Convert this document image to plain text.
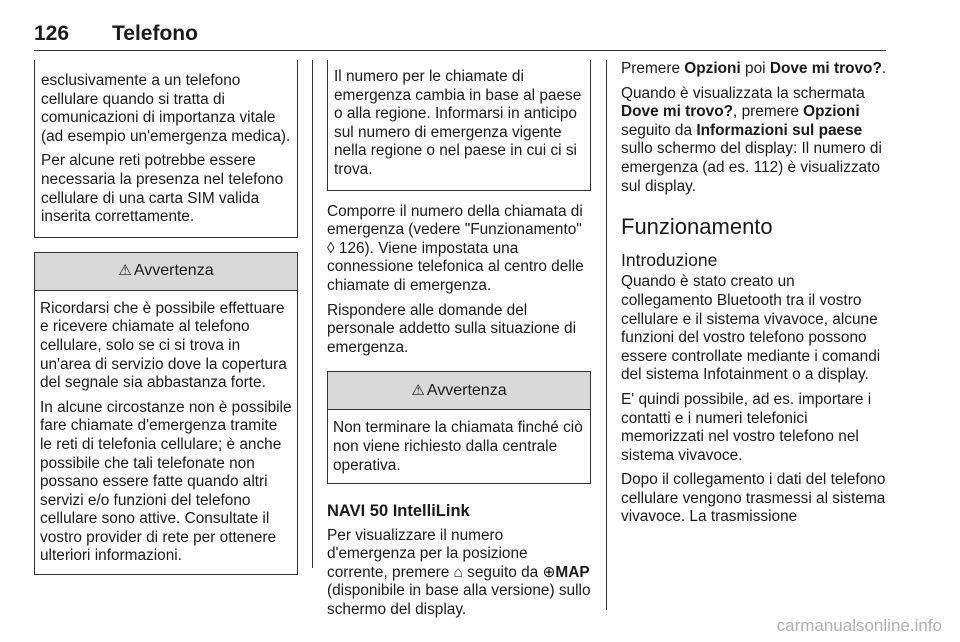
126 Telefono

esclusivamente a un telefono cellulare quando si tratta di comunicazioni di importanza vitale (ad esempio un'emergenza medica).

Per alcune reti potrebbe essere necessaria la presenza nel telefono cellulare di una carta SIM valida inserita correttamente.

⚠ Avvertenza

Ricordarsi che è possibile effettuare e ricevere chiamate al telefono cellulare, solo se ci si trova in un'area di servizio dove la copertura del segnale sia abbastanza forte.

In alcune circostanze non è possibile fare chiamate d'emergenza tramite le reti di telefonia cellulare; è anche possibile che tali telefonate non possano essere fatte quando altri servizi e/o funzioni del telefono cellulare sono attive. Consultate il vostro provider di rete per ottenere ulteriori informazioni.

Il numero per le chiamate di emergenza cambia in base al paese o alla regione. Informarsi in anticipo sul numero di emergenza vigente nella regione o nel paese in cui ci si trova.

Comporre il numero della chiamata di emergenza (vedere "Funzionamento" ◊ 126). Viene impostata una connessione telefonica al centro delle chiamate di emergenza.

Rispondere alle domande del personale addetto sulla situazione di emergenza.

⚠ Avvertenza

Non terminare la chiamata finché ciò non viene richiesto dalla centrale operativa.

NAVI 50 IntelliLink

Per visualizzare il numero d'emergenza per la posizione corrente, premere ⌂ seguito da ⊕MAP (disponibile in base alla versione) sullo schermo del display.

Premere Opzioni poi Dove mi trovo?.

Quando è visualizzata la schermata Dove mi trovo?, premere Opzioni seguito da Informazioni sul paese sullo schermo del display: Il numero di emergenza (ad es. 112) è visualizzato sul display.

Funzionamento
Introduzione

Quando è stato creato un collegamento Bluetooth tra il vostro cellulare e il sistema vivavoce, alcune funzioni del vostro telefono possono essere controllate mediante i comandi del sistema Infotainment o a display.

E' quindi possibile, ad es. importare i contatti e i numeri telefonici memorizzati nel vostro telefono nel sistema vivavoce.

Dopo il collegamento i dati del telefono cellulare vengono trasmessi al sistema vivavoce. La trasmissione

carmanualsonline.info
